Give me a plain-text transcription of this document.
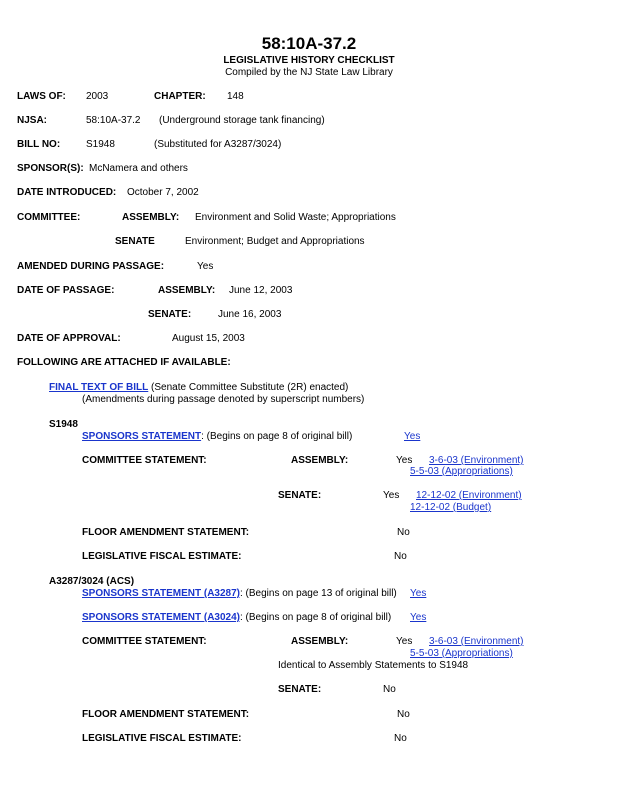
58:10A-37.2
LEGISLATIVE HISTORY CHECKLIST
Compiled by the NJ State Law Library
LAWS OF: 2003	CHAPTER: 148
NJSA:	58:10A-37.2 (Underground storage tank financing)
BILL NO:	S1948	(Substituted for A3287/3024)
SPONSOR(S): McNamera and others
DATE INTRODUCED: October 7, 2002
COMMITTEE:	ASSEMBLY: Environment and Solid Waste; Appropriations
SENATE	Environment; Budget and Appropriations
AMENDED DURING PASSAGE:	Yes
DATE OF PASSAGE:	ASSEMBLY: June 12, 2003
SENATE:	June 16, 2003
DATE OF APPROVAL:	August 15, 2003
FOLLOWING ARE ATTACHED IF AVAILABLE:
FINAL TEXT OF BILL (Senate Committee Substitute (2R) enacted)
(Amendments during passage denoted by superscript numbers)
S1948
SPONSORS STATEMENT: (Begins on page 8 of original bill)	Yes
COMMITTEE STATEMENT:	ASSEMBLY:	Yes 3-6-03 (Environment)
5-5-03 (Appropriations)
SENATE:	Yes 12-12-02 (Environment)
12-12-02 (Budget)
FLOOR AMENDMENT STATEMENT:	No
LEGISLATIVE FISCAL ESTIMATE:	No
A3287/3024 (ACS)
SPONSORS STATEMENT (A3287): (Begins on page 13 of original bill) Yes
SPONSORS STATEMENT (A3024): (Begins on page 8 of original bill) Yes
COMMITTEE STATEMENT:	ASSEMBLY:	Yes 3-6-03 (Environment)
5-5-03 (Appropriations)
Identical to Assembly Statements to S1948
SENATE:	No
FLOOR AMENDMENT STATEMENT:	No
LEGISLATIVE FISCAL ESTIMATE:	No
